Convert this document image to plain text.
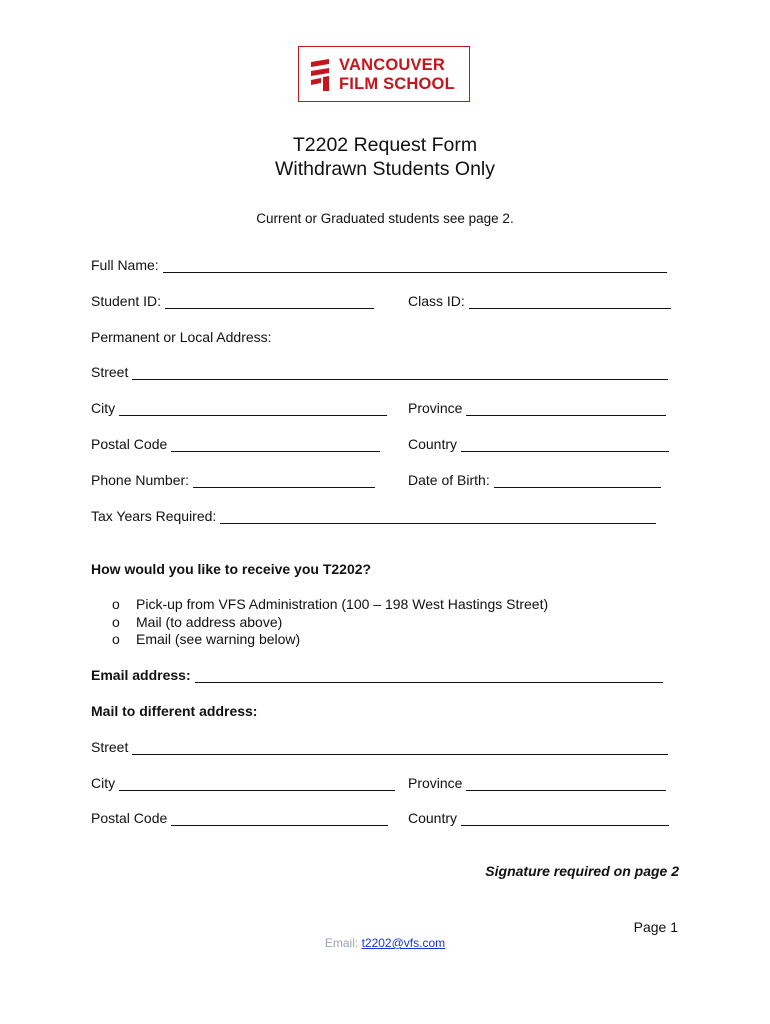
VANCOUVER
FILM SCHOOL
T2202 Request Form
Withdrawn Students Only
Current or Graduated students see page 2.
Full Name:
Student ID:	Class ID:
Permanent or Local Address:
Street
City	Province
Postal Code	Country
Phone Number:	Date of Birth:
Tax Years Required:
How would you like to receive you T2202?
o	Pick-up from VFS Administration (100 – 198 West Hastings Street)
o	Mail (to address above)
o	Email (see warning below)
Email address:
Mail to different address:
Street
City	Province
Postal Code	Country
Signature required on page 2
Page 1
Email: t2202@vfs.com
